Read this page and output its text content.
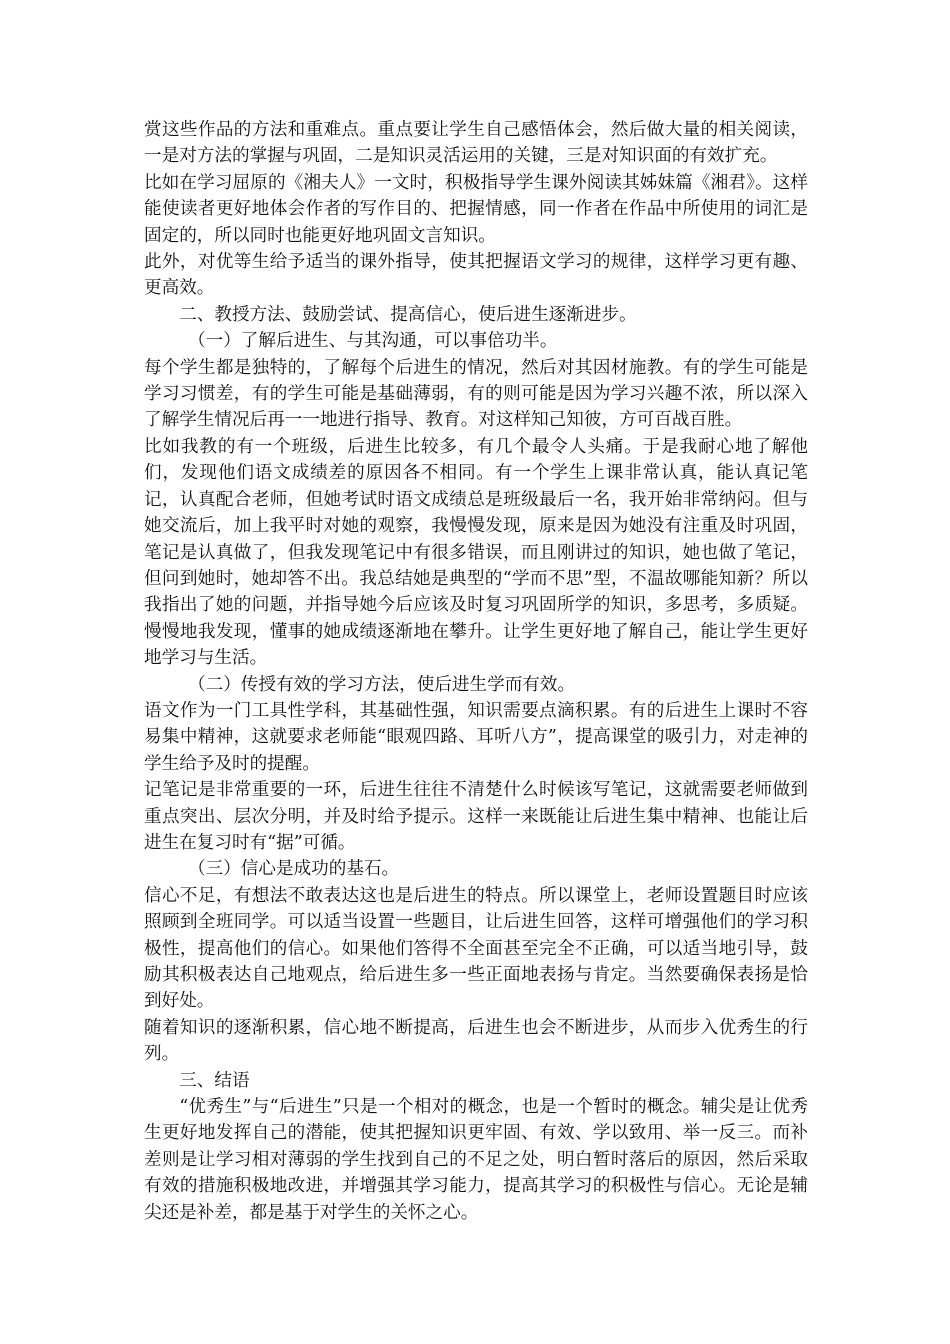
赏这些作品的方法和重难点。重点要让学生自己感悟体会，然后做大量的相关阅读，一是对方法的掌握与巩固，二是知识灵活运用的关键，三是对知识面的有效扩充。

比如在学习屈原的《湘夫人》一文时，积极指导学生课外阅读其姊妹篇《湘君》。这样能使读者更好地体会作者的写作目的、把握情感，同一作者在作品中所使用的词汇是固定的，所以同时也能更好地巩固文言知识。

此外，对优等生给予适当的课外指导，使其把握语文学习的规律，这样学习更有趣、更高效。

二、教授方法、鼓励尝试、提高信心，使后进生逐渐进步。

（一）了解后进生、与其沟通，可以事倍功半。

每个学生都是独特的，了解每个后进生的情况，然后对其因材施教。有的学生可能是学习习惯差，有的学生可能是基础薄弱，有的则可能是因为学习兴趣不浓，所以深入了解学生情况后再一一地进行指导、教育。对这样知己知彼，方可百战百胜。

比如我教的有一个班级，后进生比较多，有几个最令人头痛。于是我耐心地了解他们，发现他们语文成绩差的原因各不相同。有一个学生上课非常认真，能认真记笔记，认真配合老师，但她考试时语文成绩总是班级最后一名，我开始非常纳闷。但与她交流后，加上我平时对她的观察，我慢慢发现，原来是因为她没有注重及时巩固，笔记是认真做了，但我发现笔记中有很多错误，而且刚讲过的知识，她也做了笔记，但问到她时，她却答不出。我总结她是典型的“学而不思”型，不温故哪能知新？所以我指出了她的问题，并指导她今后应该及时复习巩固所学的知识，多思考，多质疑。慢慢地我发现，懂事的她成绩逐渐地在攀升。让学生更好地了解自己，能让学生更好地学习与生活。

（二）传授有效的学习方法，使后进生学而有效。

语文作为一门工具性学科，其基础性强，知识需要点滴积累。有的后进生上课时不容易集中精神，这就要求老师能“眼观四路、耳听八方”，提高课堂的吸引力，对走神的学生给予及时的提醒。

记笔记是非常重要的一环，后进生往往不清楚什么时候该写笔记，这就需要老师做到重点突出、层次分明，并及时给予提示。这样一来既能让后进生集中精神、也能让后进生在复习时有“据”可循。

（三）信心是成功的基石。

信心不足，有想法不敢表达这也是后进生的特点。所以课堂上，老师设置题目时应该照顾到全班同学。可以适当设置一些题目，让后进生回答，这样可增强他们的学习积极性，提高他们的信心。如果他们答得不全面甚至完全不正确，可以适当地引导，鼓励其积极表达自己地观点，给后进生多一些正面地表扬与肯定。当然要确保表扬是恰到好处。

随着知识的逐渐积累，信心地不断提高，后进生也会不断进步，从而步入优秀生的行列。

三、结语

“优秀生”与“后进生”只是一个相对的概念，也是一个暂时的概念。辅尖是让优秀生更好地发挥自己的潜能，使其把握知识更牢固、有效、学以致用、举一反三。而补差则是让学习相对薄弱的学生找到自己的不足之处，明白暂时落后的原因，然后采取有效的措施积极地改进，并增强其学习能力，提高其学习的积极性与信心。无论是辅尖还是补差，都是基于对学生的关怀之心。
